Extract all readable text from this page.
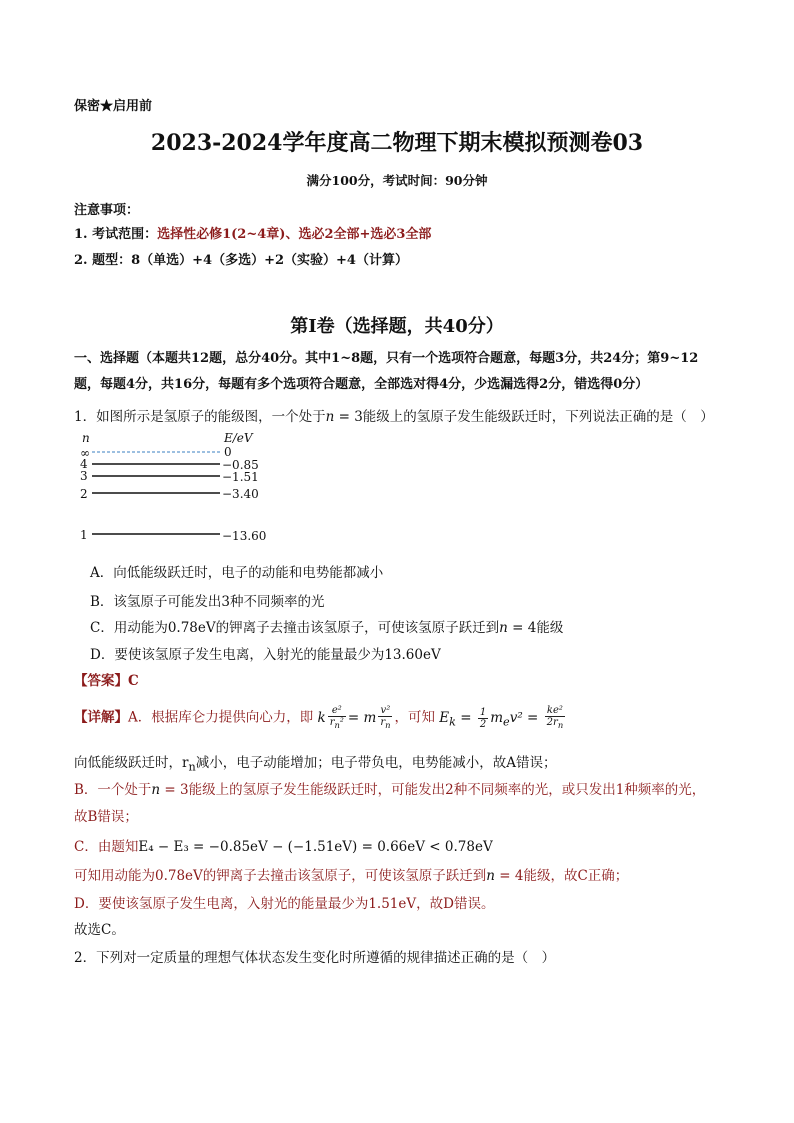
保密★启用前
2023-2024学年度高二物理下期末模拟预测卷03
满分100分，考试时间：90分钟
注意事项：
1. 考试范围：选择性必修1(2~4章)、选必2全部+选必3全部
2. 题型：8（单选）+4（多选）+2（实验）+4（计算）
第Ⅰ卷（选择题，共40分）
一、选择题（本题共12题，总分40分。其中1~8题，只有一个选项符合题意，每题3分，共24分；第9~12
题，每题4分，共16分，每题有多个选项符合题意，全部选对得4分，少选漏选得2分，错选得0分）
1．如图所示是氢原子的能级图，一个处于n = 3能级上的氢原子发生能级跃迁时，下列说法正确的是（　）
n	E/eV
∞	0
4	−0.85
3	−1.51
2	−3.40
1	−13.60
A．向低能级跃迁时，电子的动能和电势能都减小
B．该氢原子可能发出3种不同频率的光
C．用动能为0.78eV的钾离子去撞击该氢原子，可使该氢原子跃迁到n = 4能级
D．要使该氢原子发生电离，入射光的能量最少为13.60eV
【答案】C
【详解】A．根据库仑力提供向心力，即 k $\frac{\text{e²}}{r_n^2} = m \frac{\text{v²}}{r_n}$ ，可知 $E_k = \frac{1}{2} m_ev^2 = \frac{\text{ke²}}{2r_n}$
向低能级跃迁时，$r_n$减小，电子动能增加；电子带负电，电势能减小，故A错误；
B．一个处于n = 3能级上的氢原子发生能级跃迁时，可能发出2种不同频率的光，或只发出1种频率的光，
故B错误；
C．由题知E₄ − E₃ = −0.85eV − (−1.51eV) = 0.66eV < 0.78eV
可知用动能为0.78eV的钾离子去撞击该氢原子，可使该氢原子跃迁到n = 4能级，故C正确；
D．要使该氢原子发生电离，入射光的能量最少为1.51eV，故D错误。
故选C。
2．下列对一定质量的理想气体状态发生变化时所遵循的规律描述正确的是（　）
